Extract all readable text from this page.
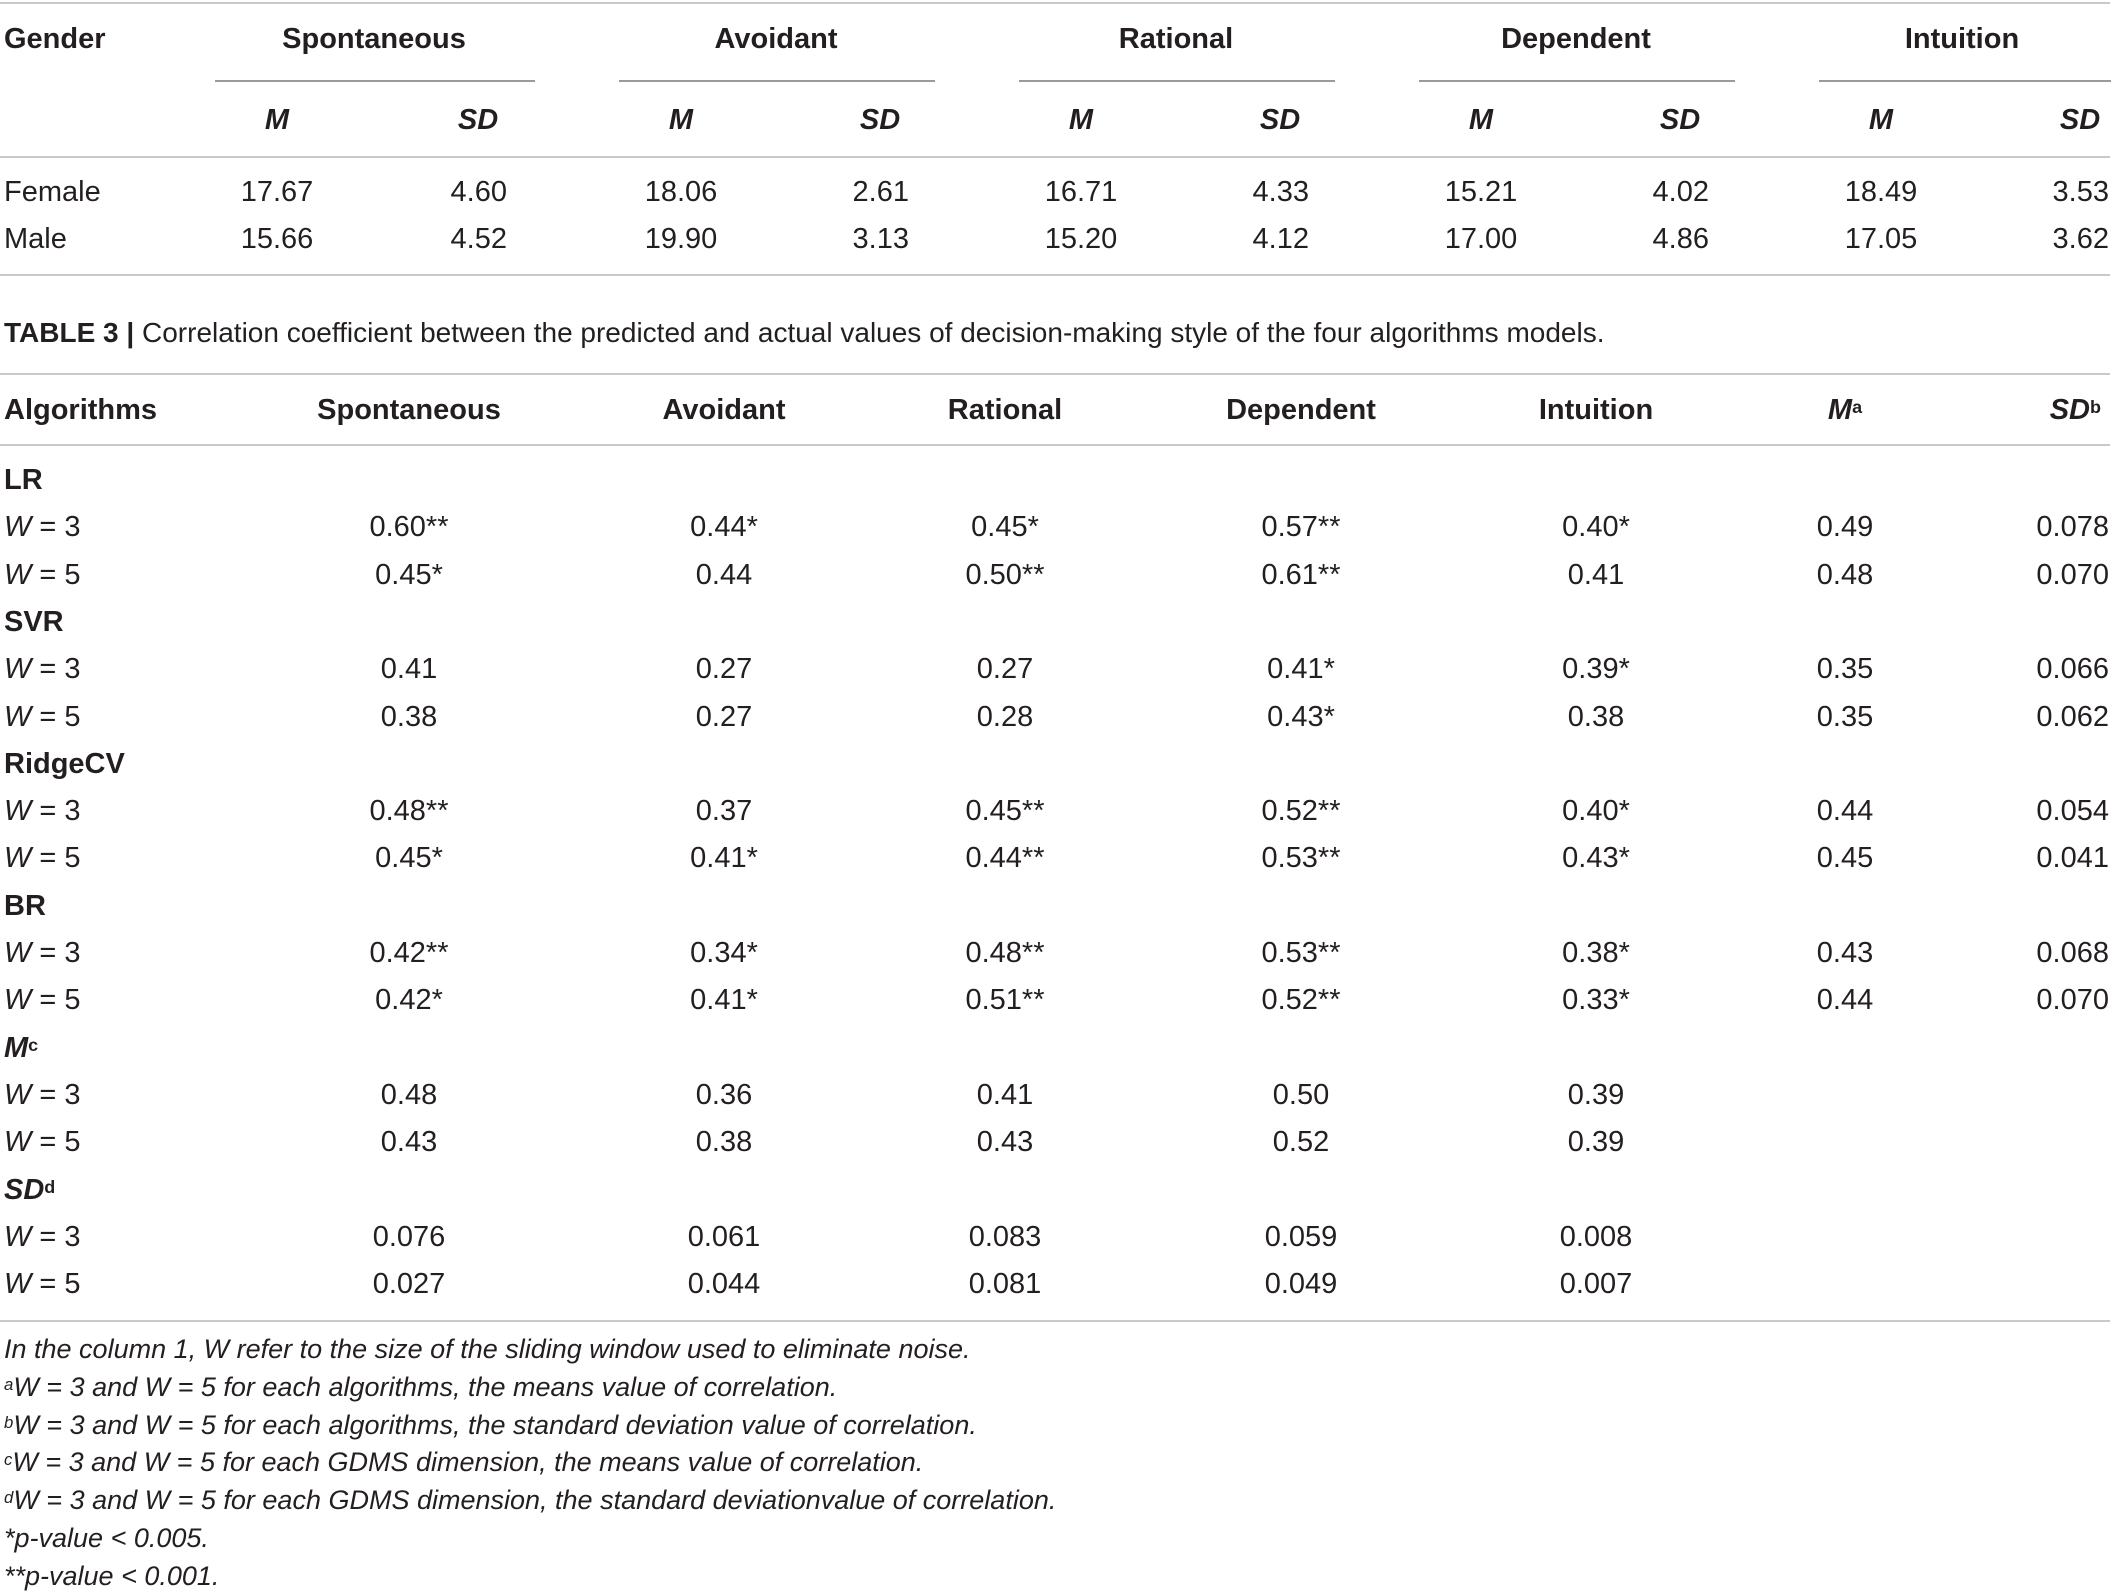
Gender	Spontaneous	Avoidant	Rational	Dependent	Intuition
M	SD	M	SD	M	SD	M	SD	M	SD
Female	17.67	4.60	18.06	2.61	16.71	4.33	15.21	4.02	18.49	3.53
Male	15.66	4.52	19.90	3.13	15.20	4.12	17.00	4.86	17.05	3.62
TABLE 3 | Correlation coefficient between the predicted and actual values of decision-making style of the four algorithms models.
Algorithms	Spontaneous	Avoidant	Rational	Dependent	Intuition	$M^a$	$SD^b$
LR
W = 3	0.60**	0.44*	0.45*	0.57**	0.40*	0.49	0.078
W = 5	0.45*	0.44	0.50**	0.61**	0.41	0.48	0.070
SVR
W = 3	0.41	0.27	0.27	0.41*	0.39*	0.35	0.066
W = 5	0.38	0.27	0.28	0.43*	0.38	0.35	0.062
RidgeCV
W = 3	0.48**	0.37	0.45**	0.52**	0.40*	0.44	0.054
W = 5	0.45*	0.41*	0.44**	0.53**	0.43*	0.45	0.041
BR
W = 3	0.42**	0.34*	0.48**	0.53**	0.38*	0.43	0.068
W = 5	0.42*	0.41*	0.51**	0.52**	0.33*	0.44	0.070
$M^c$
W = 3	0.48	0.36	0.41	0.50	0.39
W = 5	0.43	0.38	0.43	0.52	0.39
$SD^d$
W = 3	0.076	0.061	0.083	0.059	0.008
W = 5	0.027	0.044	0.081	0.049	0.007
In the column 1, W refer to the size of the sliding window used to eliminate noise.
$^a$W = 3 and W = 5 for each algorithms, the means value of correlation.
$^b$W = 3 and W = 5 for each algorithms, the standard deviation value of correlation.
$^c$W = 3 and W = 5 for each GDMS dimension, the means value of correlation.
$^d$W = 3 and W = 5 for each GDMS dimension, the standard deviationvalue of correlation.
*p-value < 0.005.
**p-value < 0.001.
